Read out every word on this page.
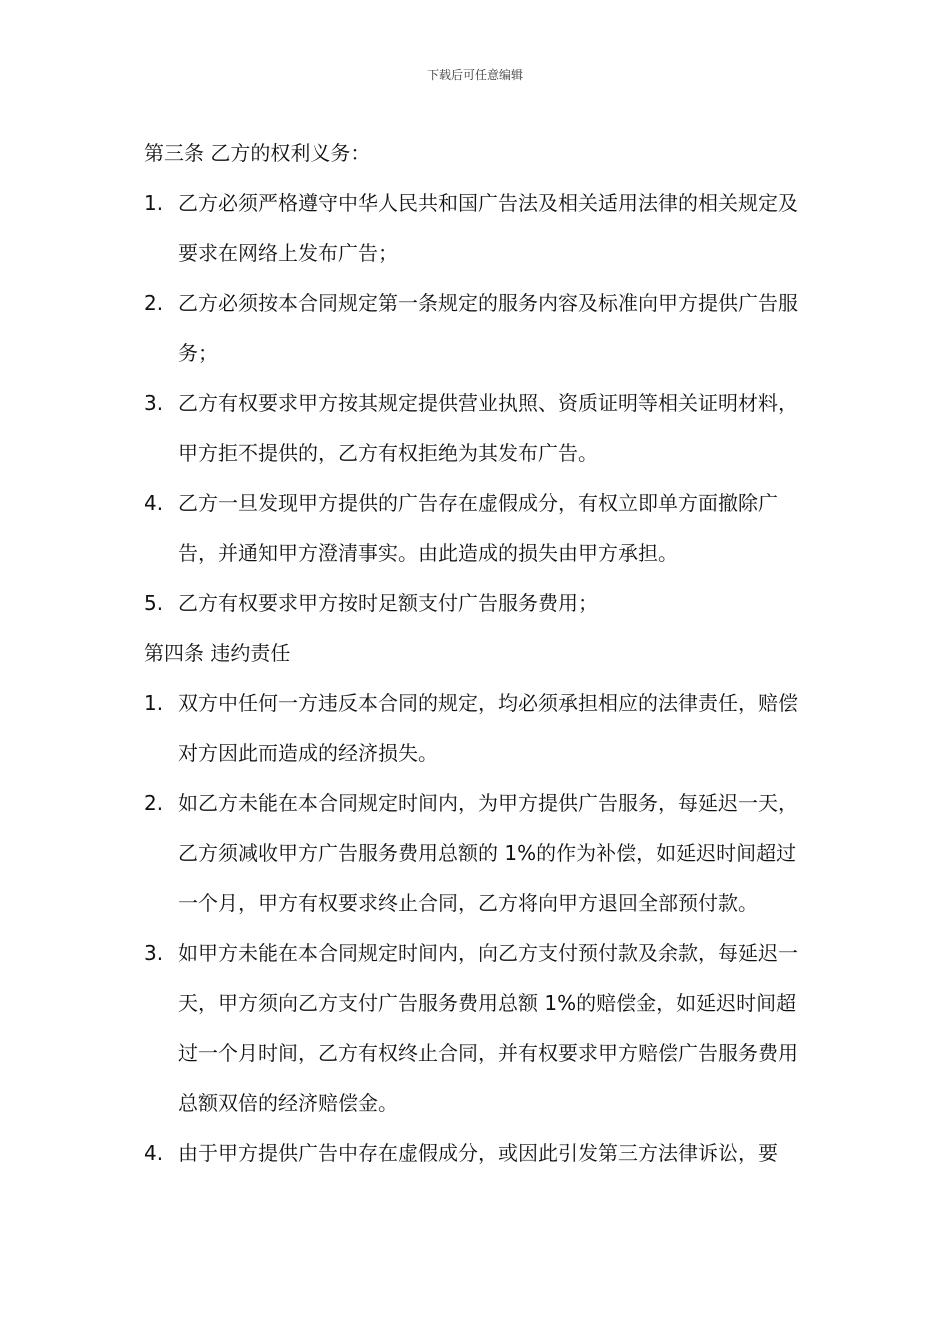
下载后可任意编辑
第三条 乙方的权利义务：
1. 乙方必须严格遵守中华人民共和国广告法及相关适用法律的相关规定及要求在网络上发布广告；
2. 乙方必须按本合同规定第一条规定的服务内容及标准向甲方提供广告服务；
3. 乙方有权要求甲方按其规定提供营业执照、资质证明等相关证明材料，甲方拒不提供的，乙方有权拒绝为其发布广告。
4. 乙方一旦发现甲方提供的广告存在虚假成分，有权立即单方面撤除广告，并通知甲方澄清事实。由此造成的损失由甲方承担。
5. 乙方有权要求甲方按时足额支付广告服务费用；
第四条 违约责任
1. 双方中任何一方违反本合同的规定，均必须承担相应的法律责任，赔偿对方因此而造成的经济损失。
2. 如乙方未能在本合同规定时间内，为甲方提供广告服务，每延迟一天，乙方须减收甲方广告服务费用总额的 1%的作为补偿，如延迟时间超过一个月，甲方有权要求终止合同，乙方将向甲方退回全部预付款。
3. 如甲方未能在本合同规定时间内，向乙方支付预付款及余款，每延迟一天，甲方须向乙方支付广告服务费用总额 1%的赔偿金，如延迟时间超过一个月时间，乙方有权终止合同，并有权要求甲方赔偿广告服务费用总额双倍的经济赔偿金。
4. 由于甲方提供广告中存在虚假成分，或因此引发第三方法律诉讼，要
